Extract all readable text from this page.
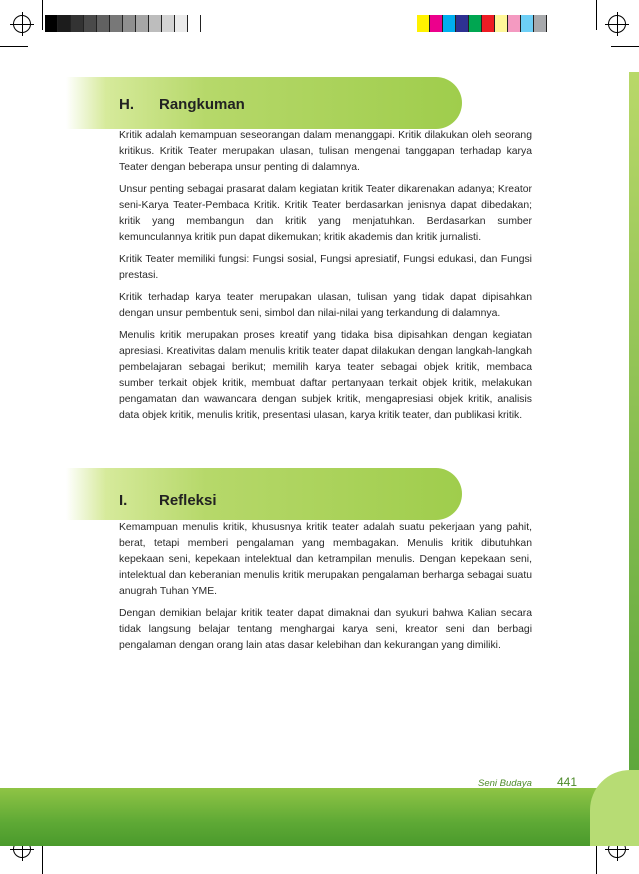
H. Rangkuman

Kritik adalah kemampuan seseorangan dalam menanggapi. Kritik dilakukan oleh seorang kritikus. Kritik Teater merupakan ulasan, tulisan mengenai tanggapan terhadap karya Teater dengan beberapa unsur penting di dalamnya.

Unsur penting sebagai prasarat dalam kegiatan kritik Teater dikarenakan adanya; Kreator seni-Karya Teater-Pembaca Kritik. Kritik Teater berdasarkan jenisnya dapat dibedakan; kritik yang membangun dan kritik yang menjatuhkan. Berdasarkan sumber kemunculannya kritik pun dapat dikemukan; kritik akademis dan kritik jurnalisti.

Kritik Teater memiliki fungsi: Fungsi sosial, Fungsi apresiatif, Fungsi edukasi, dan Fungsi prestasi.

Kritik terhadap karya teater merupakan ulasan, tulisan yang tidak dapat dipisahkan dengan unsur pembentuk seni, simbol dan nilai-nilai yang terkandung di dalamnya.

Menulis kritik merupakan proses kreatif yang tidaka bisa dipisahkan dengan kegiatan apresiasi. Kreativitas dalam menulis kritik teater dapat dilakukan dengan langkah-langkah pembelajaran sebagai berikut; memilih karya teater sebagai objek kritik, membaca sumber terkait objek kritik, membuat daftar pertanyaan terkait objek kritik, melakukan pengamatan dan wawancara dengan subjek kritik, mengapresiasi objek kritik, analisis data objek kritik, menulis kritik, presentasi ulasan, karya kritik teater, dan publikasi kritik.

I. Refleksi

Kemampuan menulis kritik, khususnya kritik teater adalah suatu pekerjaan yang pahit, berat, tetapi memberi pengalaman yang membagakan. Menulis kritik dibutuhkan kepekaan seni, kepekaan intelektual dan ketrampilan menulis. Dengan kepekaan seni, intelektual dan keberanian menulis kritik merupakan pengalaman berharga sebagai suatu anugrah Tuhan YME.

Dengan demikian belajar kritik teater dapat dimaknai dan syukuri bahwa Kalian secara tidak langsung belajar tentang menghargai karya seni, kreator seni dan berbagi pengalaman dengan orang lain atas dasar kelebihan dan kekurangan yang dimiliki.

Seni Budaya 441
